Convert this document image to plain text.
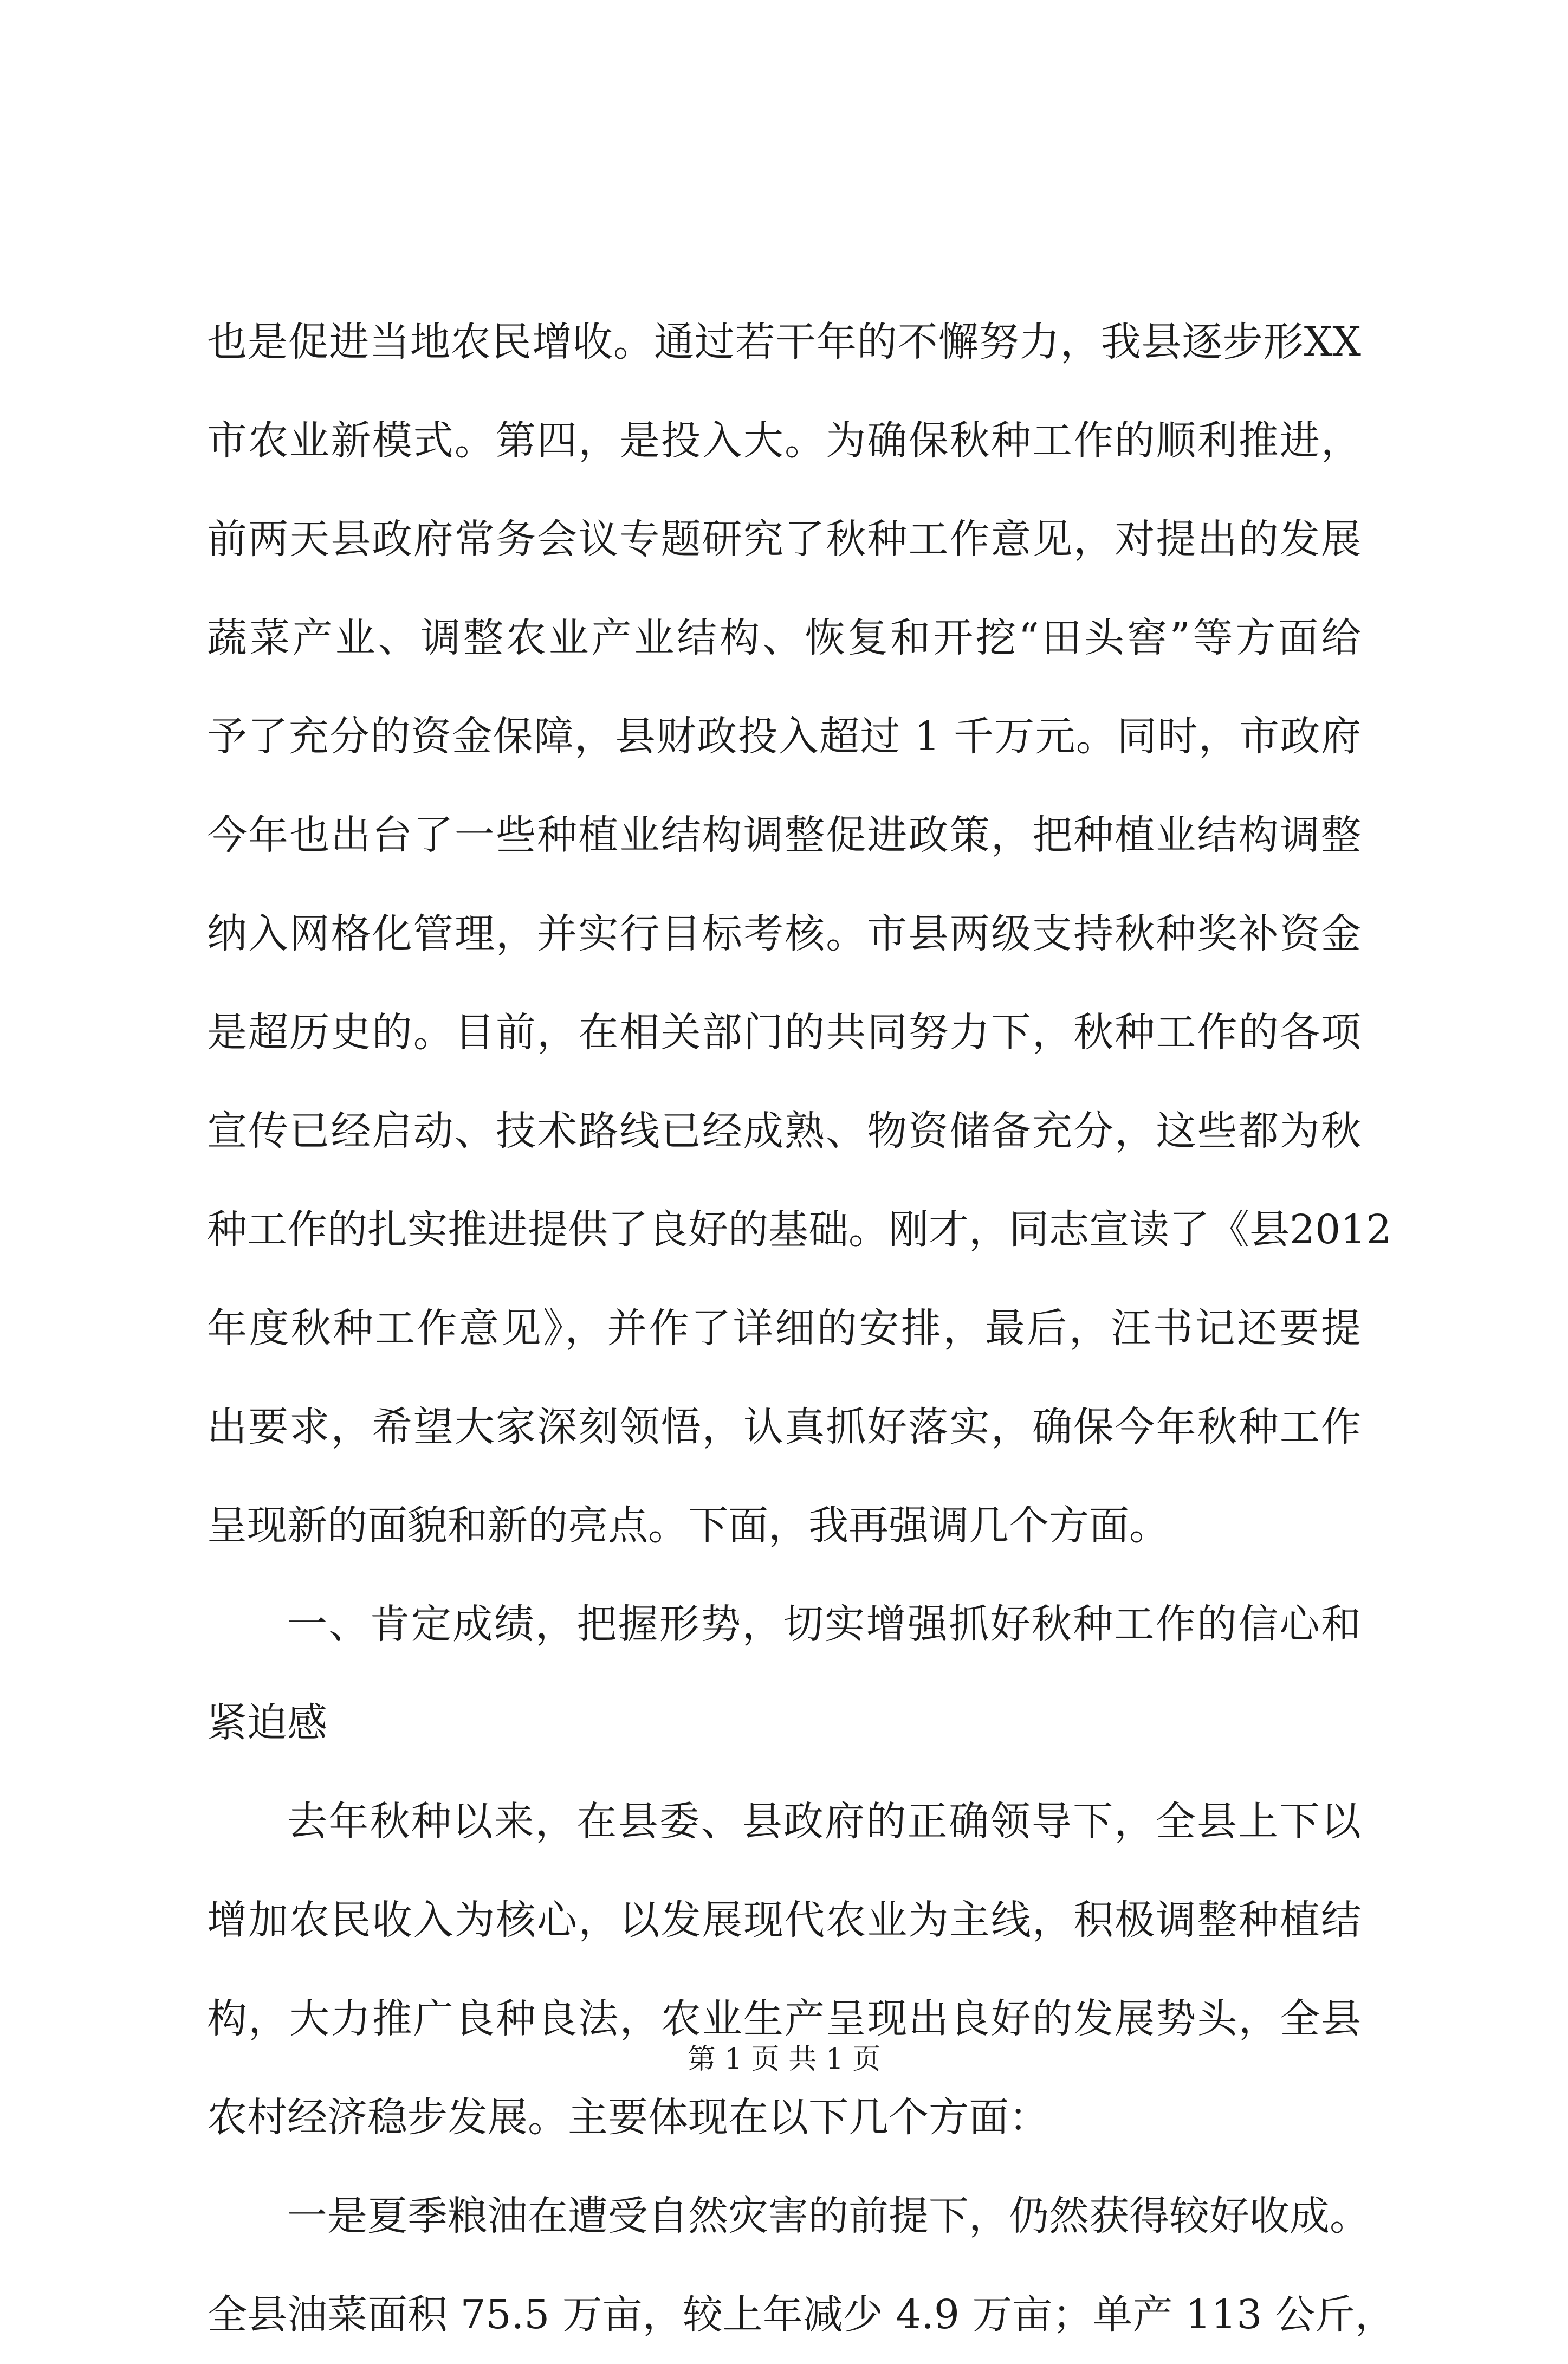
也是促进当地农民增收。通过若干年的不懈努力，我县逐步形XX
市农业新模式。第四，是投入大。为确保秋种工作的顺利推进，
前两天县政府常务会议专题研究了秋种工作意见，对提出的发展
蔬菜产业、调整农业产业结构、恢复和开挖“田头窖”等方面给
予了充分的资金保障，县财政投入超过 1 千万元。同时，市政府
今年也出台了一些种植业结构调整促进政策，把种植业结构调整
纳入网格化管理，并实行目标考核。市县两级支持秋种奖补资金
是超历史的。目前，在相关部门的共同努力下，秋种工作的各项
宣传已经启动、技术路线已经成熟、物资储备充分，这些都为秋
种工作的扎实推进提供了良好的基础。刚才，同志宣读了《县2012
年度秋种工作意见》，并作了详细的安排，最后，汪书记还要提
出要求，希望大家深刻领悟，认真抓好落实，确保今年秋种工作
呈现新的面貌和新的亮点。下面，我再强调几个方面。
一、肯定成绩，把握形势，切实增强抓好秋种工作的信心和
紧迫感
去年秋种以来，在县委、县政府的正确领导下，全县上下以
增加农民收入为核心，以发展现代农业为主线，积极调整种植结
构，大力推广良种良法，农业生产呈现出良好的发展势头，全县
农村经济稳步发展。主要体现在以下几个方面：
一是夏季粮油在遭受自然灾害的前提下，仍然获得较好收成。
全县油菜面积 75.5 万亩，较上年减少 4.9 万亩；单产 113 公斤，
第 1 页 共 1 页
